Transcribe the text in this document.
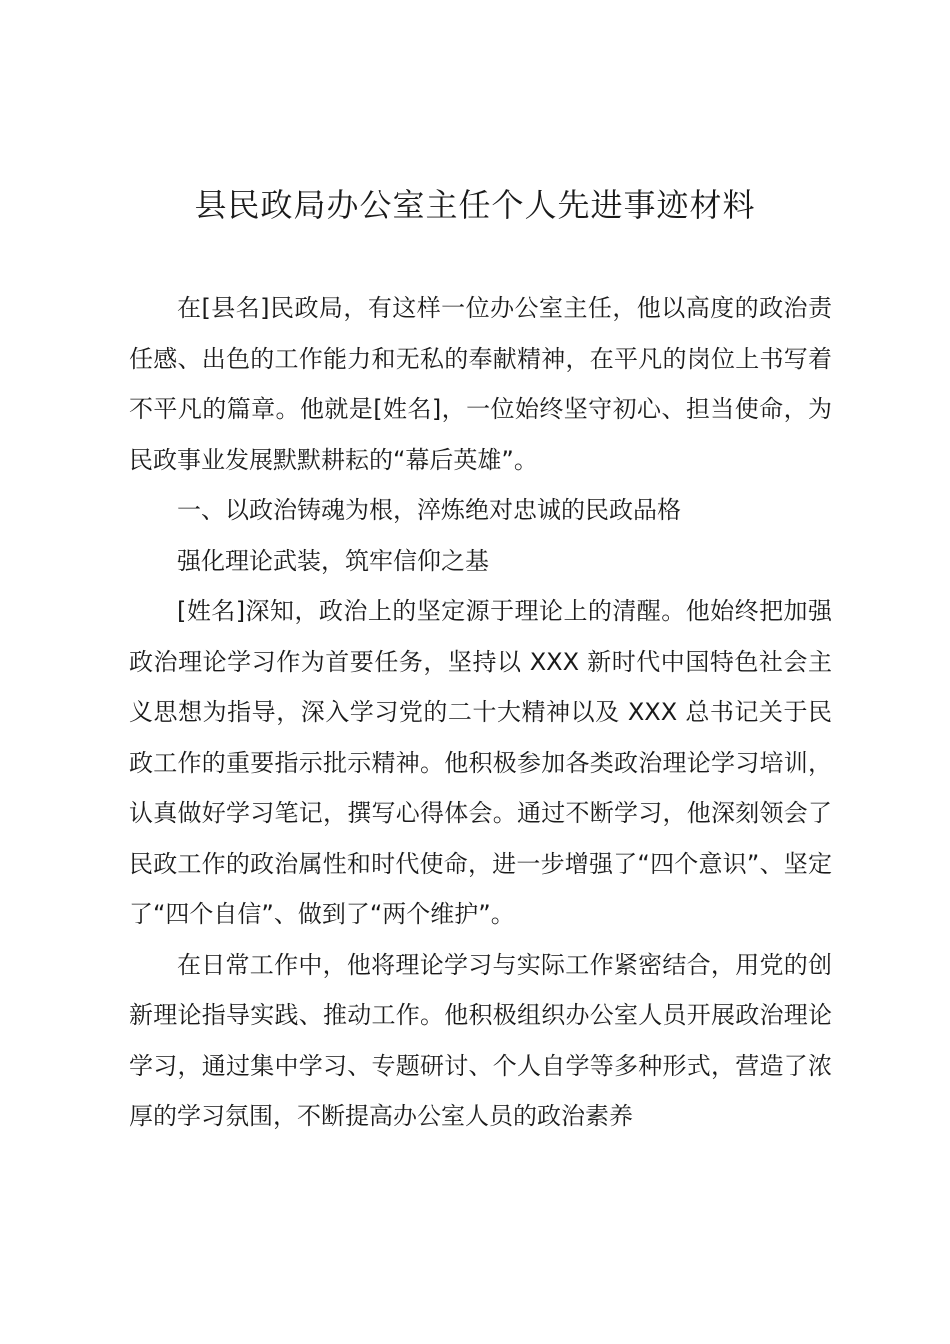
县民政局办公室主任个人先进事迹材料

在[县名]民政局，有这样一位办公室主任，他以高度的政治责任感、出色的工作能力和无私的奉献精神，在平凡的岗位上书写着不平凡的篇章。他就是[姓名]，一位始终坚守初心、担当使命，为民政事业发展默默耕耘的“幕后英雄”。

一、以政治铸魂为根，淬炼绝对忠诚的民政品格

强化理论武装，筑牢信仰之基

[姓名]深知，政治上的坚定源于理论上的清醒。他始终把加强政治理论学习作为首要任务，坚持以 XXX 新时代中国特色社会主义思想为指导，深入学习党的二十大精神以及 XXX 总书记关于民政工作的重要指示批示精神。他积极参加各类政治理论学习培训，认真做好学习笔记，撰写心得体会。通过不断学习，他深刻领会了民政工作的政治属性和时代使命，进一步增强了“四个意识”、坚定了“四个自信”、做到了“两个维护”。

在日常工作中，他将理论学习与实际工作紧密结合，用党的创新理论指导实践、推动工作。他积极组织办公室人员开展政治理论学习，通过集中学习、专题研讨、个人自学等多种形式，营造了浓厚的学习氛围，不断提高办公室人员的政治素养
